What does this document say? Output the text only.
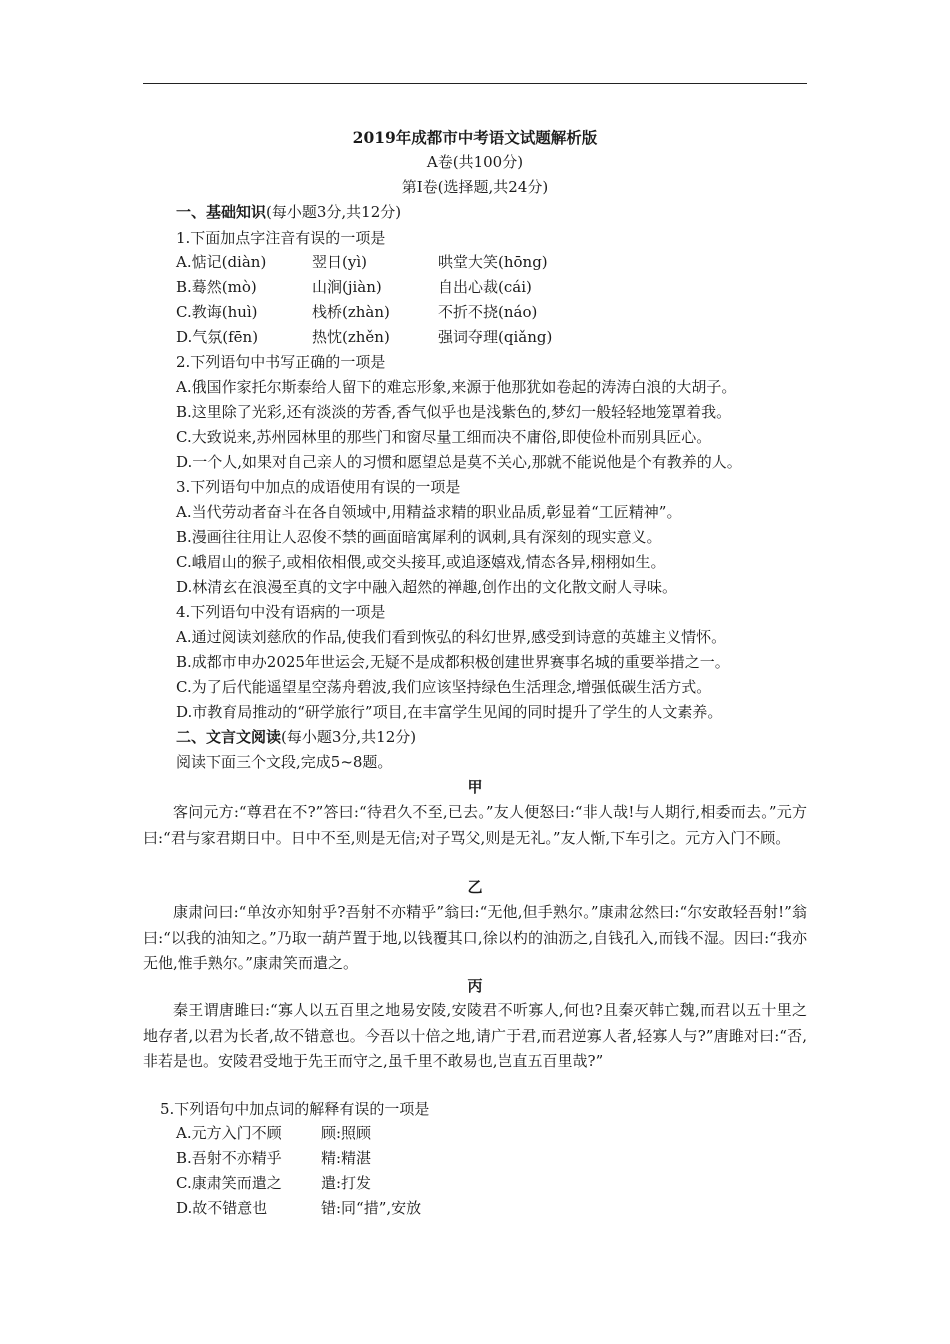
2019年成都市中考语文试题解析版
A卷(共100分)
第Ⅰ卷(选择题,共24分)
一、基础知识(每小题3分,共12分)
1.下面加点字注音有误的一项是
A.惦记(diàn)	翌日(yì)	哄堂大笑(hōng)
B.蓦然(mò)	山涧(jiàn)	自出心裁(cái)
C.教诲(huì)	栈桥(zhàn)	不折不挠(náo)
D.气氛(fēn)	热忱(zhěn)	强词夺理(qiǎng)
2.下列语句中书写正确的一项是
A.俄国作家托尔斯泰给人留下的难忘形象,来源于他那犹如卷起的涛涛白浪的大胡子。
B.这里除了光彩,还有淡淡的芳香,香气似乎也是浅紫色的,梦幻一般轻轻地笼罩着我。
C.大致说来,苏州园林里的那些门和窗尽量工细而决不庸俗,即使俭朴而别具匠心。
D.一个人,如果对自己亲人的习惯和愿望总是莫不关心,那就不能说他是个有教养的人。
3.下列语句中加点的成语使用有误的一项是
A.当代劳动者奋斗在各自领域中,用精益求精的职业品质,彰显着“工匠精神”。
B.漫画往往用让人忍俊不禁的画面暗寓犀利的讽刺,具有深刻的现实意义。
C.峨眉山的猴子,或相依相偎,或交头接耳,或追逐嬉戏,情态各异,栩栩如生。
D.林清玄在浪漫至真的文字中融入超然的禅趣,创作出的文化散文耐人寻味。
4.下列语句中没有语病的一项是
A.通过阅读刘慈欣的作品,使我们看到恢弘的科幻世界,感受到诗意的英雄主义情怀。
B.成都市申办2025年世运会,无疑不是成都积极创建世界赛事名城的重要举措之一。
C.为了后代能遥望星空荡舟碧波,我们应该坚持绿色生活理念,增强低碳生活方式。
D.市教育局推动的“研学旅行”项目,在丰富学生见闻的同时提升了学生的人文素养。
二、文言文阅读(每小题3分,共12分)
阅读下面三个文段,完成5~8题。
甲
客问元方:“尊君在不?”答曰:“待君久不至,已去。”友人便怒曰:“非人哉!与人期行,相委而去。”元方曰:“君与家君期日中。日中不至,则是无信;对子骂父,则是无礼。”友人惭,下车引之。元方入门不顾。
乙
康肃问曰:“单汝亦知射乎?吾射不亦精乎”翁曰:“无他,但手熟尔。”康肃忿然曰:“尔安敢轻吾射!”翁曰:“以我的油知之。”乃取一葫芦置于地,以钱覆其口,徐以杓的油沥之,自钱孔入,而钱不湿。因曰:“我亦无他,惟手熟尔。”康肃笑而遣之。
丙
秦王谓唐雎曰:“寡人以五百里之地易安陵,安陵君不听寡人,何也?且秦灭韩亡魏,而君以五十里之地存者,以君为长者,故不错意也。今吾以十倍之地,请广于君,而君逆寡人者,轻寡人与?”唐雎对曰:“否,非若是也。安陵君受地于先王而守之,虽千里不敢易也,岂直五百里哉?”
5.下列语句中加点词的解释有误的一项是
A.元方入门不顾	顾:照顾
B.吾射不亦精乎	精:精湛
C.康肃笑而遣之	遣:打发
D.故不错意也	错:同“措”,安放
